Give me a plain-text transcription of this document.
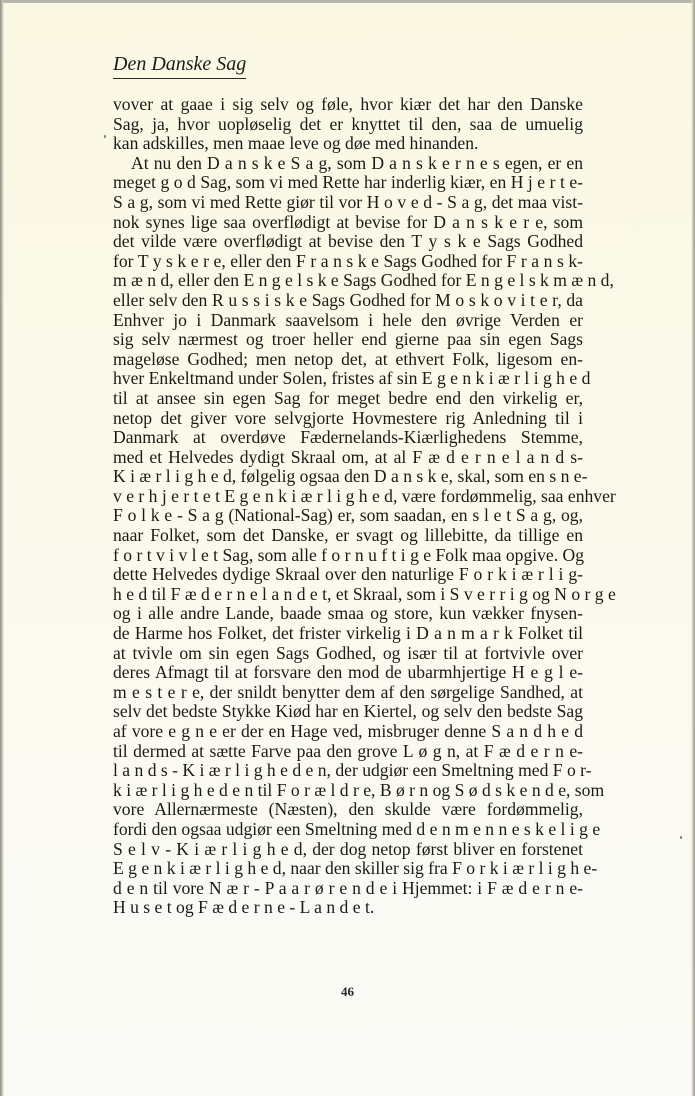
Den Danske Sag
vover at gaae i sig selv og føle, hvor kiær det har den Danske
Sag, ja, hvor uopløselig det er knyttet til den, saa de umuelig
kan adskilles, men maae leve og døe med hinanden.
At nu den D a n s k e S a g, som D a n s k e r n e s egen, er en
meget g o d Sag, som vi med Rette har inderlig kiær, en H j e r t e-
S a g, som vi med Rette giør til vor H o v e d - S a g, det maa vist-
nok synes lige saa overflødigt at bevise for D a n s k e r e, som
det vilde være overflødigt at bevise den T y s k e Sags Godhed
for T y s k e r e, eller den F r a n s k e Sags Godhed for F r a n s k-
m æ n d, eller den E n g e l s k e Sags Godhed for E n g e l s k m æ n d,
eller selv den R u s s i s k e Sags Godhed for M o s k o v i t e r, da
Enhver jo i Danmark saavelsom i hele den øvrige Verden er
sig selv nærmest og troer heller end gierne paa sin egen Sags
mageløse Godhed; men netop det, at ethvert Folk, ligesom en-
hver Enkeltmand under Solen, fristes af sin E g e n k i æ r l i g h e d
til at ansee sin egen Sag for meget bedre end den virkelig er,
netop det giver vore selvgjorte Hovmestere rig Anledning til i
Danmark at overdøve Fædernelands-Kiærlighedens Stemme,
med et Helvedes dydigt Skraal om, at al F æ d e r n e l a n d s-
K i æ r l i g h e d, følgelig ogsaa den D a n s k e, skal, som en s n e-
v e r h j e r t e t E g e n k i æ r l i g h e d, være fordømmelig, saa enhver
F o l k e - S a g (National-Sag) er, som saadan, en s l e t S a g, og,
naar Folket, som det Danske, er svagt og lillebitte, da tillige en
f o r t v i v l e t Sag, som alle f o r n u f t i g e Folk maa opgive. Og
dette Helvedes dydige Skraal over den naturlige F o r k i æ r l i g-
h e d til F æ d e r n e l a n d e t, et Skraal, som i S v e r r i g og N o r g e
og i alle andre Lande, baade smaa og store, kun vækker fnysen-
de Harme hos Folket, det frister virkelig i D a n m a r k Folket til
at tvivle om sin egen Sags Godhed, og især til at fortvivle over
deres Afmagt til at forsvare den mod de ubarmhjertige H e g l e-
m e s t e r e, der snildt benytter dem af den sørgelige Sandhed, at
selv det bedste Stykke Kiød har en Kiertel, og selv den bedste Sag
af vore e g n e er der en Hage ved, misbruger denne S a n d h e d
til dermed at sætte Farve paa den grove L ø g n, at F æ d e r n e-
l a n d s - K i æ r l i g h e d e n, der udgiør een Smeltning med F o r-
k i æ r l i g h e d e n til F o r æ l d r e, B ø r n og S ø d s k e n d e, som
vore Allernærmeste (Næsten), den skulde være fordømmelig,
fordi den ogsaa udgiør een Smeltning med d e n m e n n e s k e l i g e
S e l v - K i æ r l i g h e d, der dog netop først bliver en forstenet
E g e n k i æ r l i g h e d, naar den skiller sig fra F o r k i æ r l i g h e-
d e n til vore N æ r - P a a r ø r e n d e i Hjemmet: i F æ d e r n e-
H u s e t og F æ d e r n e - L a n d e t.
46
